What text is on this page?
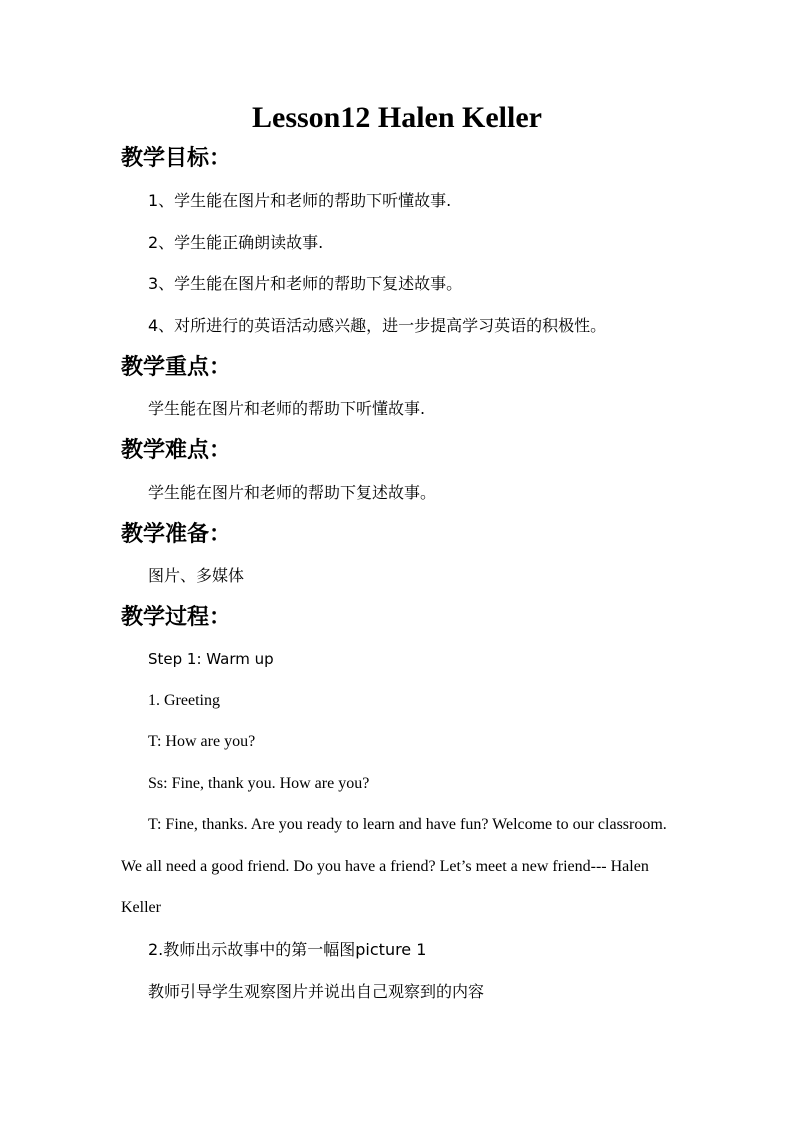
Lesson12 Halen Keller
教学目标：
1、学生能在图片和老师的帮助下听懂故事.
2、学生能正确朗读故事.
3、学生能在图片和老师的帮助下复述故事。
4、对所进行的英语活动感兴趣，进一步提高学习英语的积极性。
教学重点：
学生能在图片和老师的帮助下听懂故事.
教学难点：
学生能在图片和老师的帮助下复述故事。
教学准备：
图片、多媒体
教学过程：
Step 1: Warm up
1. Greeting
T: How are you?
Ss: Fine, thank you. How are you?
T: Fine, thanks. Are you ready to learn and have fun? Welcome to our classroom. We all need a good friend. Do you have a friend? Let’s meet a new friend--- Halen Keller
2.教师出示故事中的第一幅图picture 1
教师引导学生观察图片并说出自己观察到的内容
